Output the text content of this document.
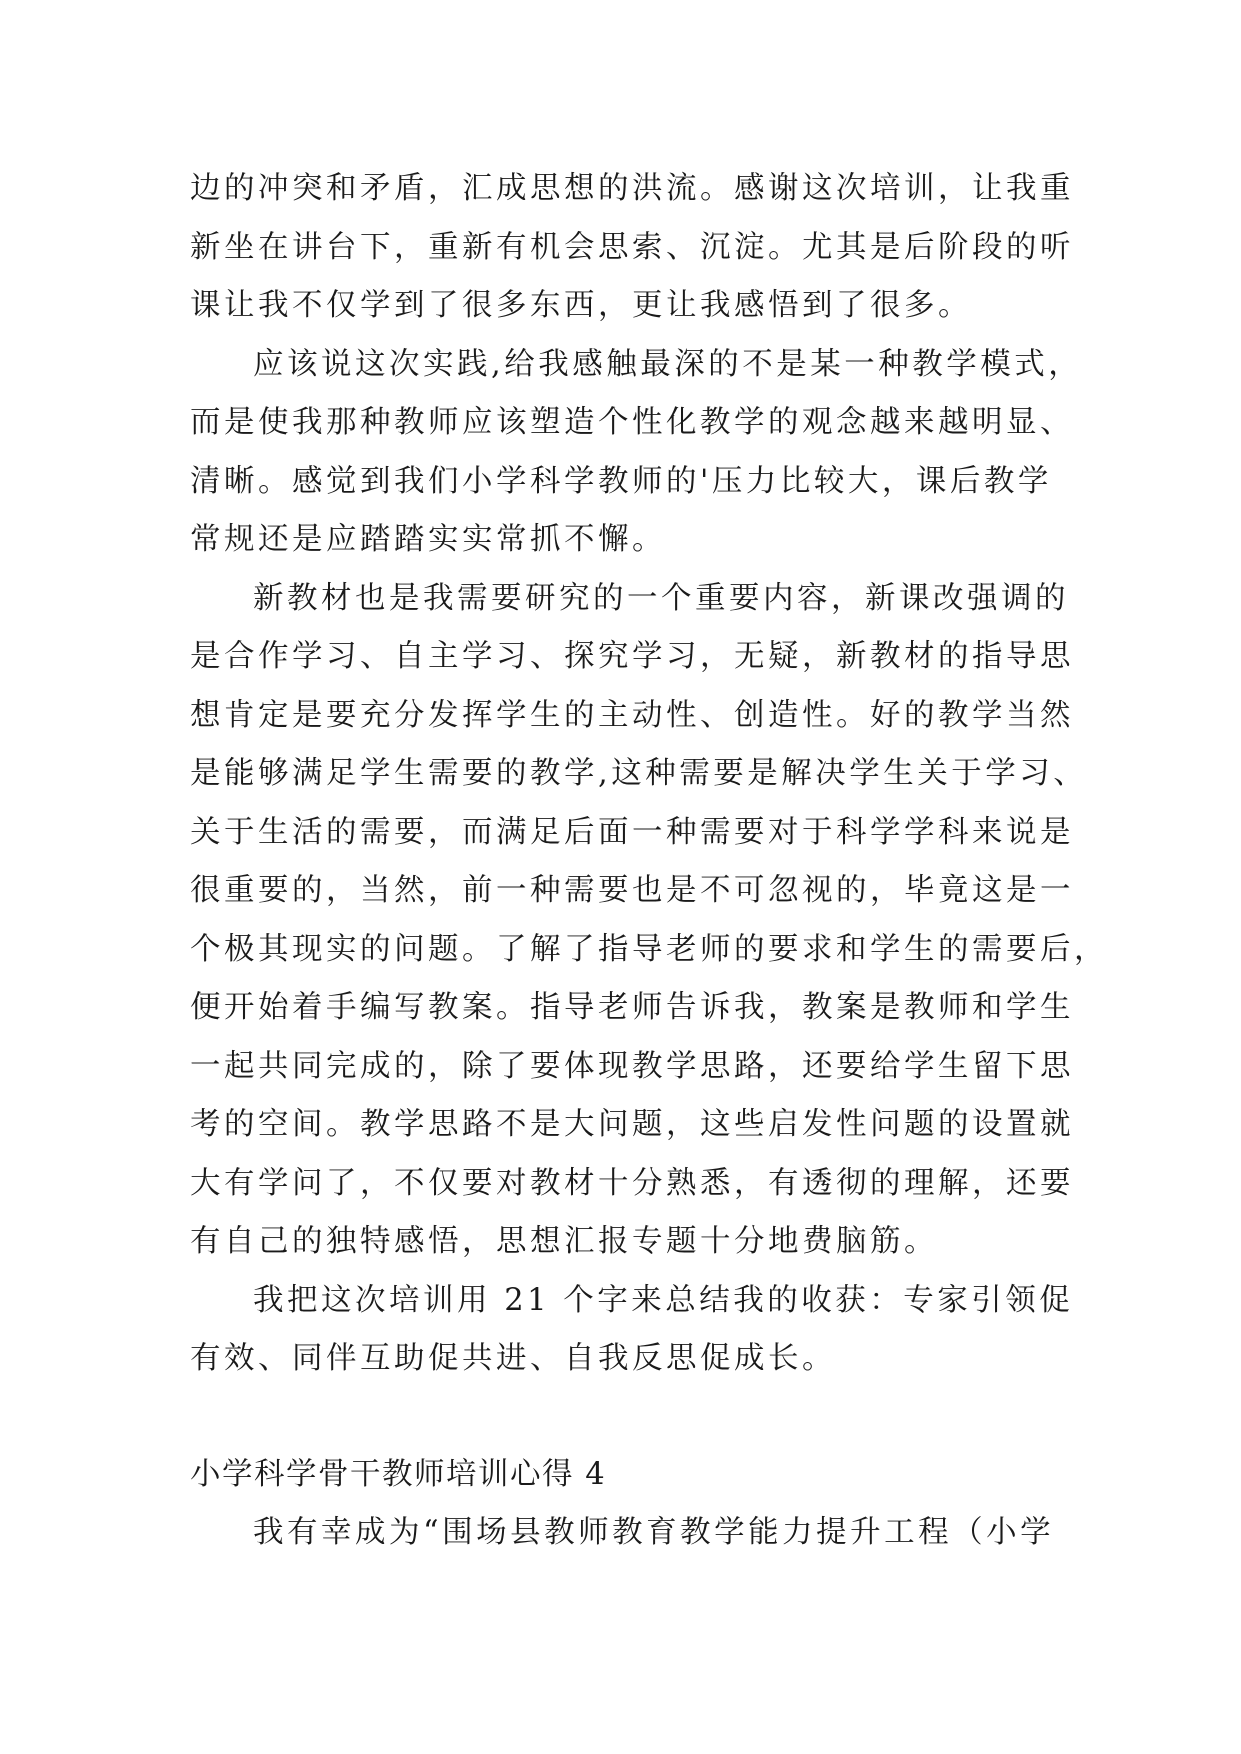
边的冲突和矛盾，汇成思想的洪流。感谢这次培训，让我重
新坐在讲台下，重新有机会思索、沉淀。尤其是后阶段的听
课让我不仅学到了很多东西，更让我感悟到了很多。

应该说这次实践,给我感触最深的不是某一种教学模式，
而是使我那种教师应该塑造个性化教学的观念越来越明显、
清晰。感觉到我们小学科学教师的'压力比较大，课后教学
常规还是应踏踏实实常抓不懈。

新教材也是我需要研究的一个重要内容，新课改强调的
是合作学习、自主学习、探究学习，无疑，新教材的指导思
想肯定是要充分发挥学生的主动性、创造性。好的教学当然
是能够满足学生需要的教学,这种需要是解决学生关于学习、
关于生活的需要，而满足后面一种需要对于科学学科来说是
很重要的，当然，前一种需要也是不可忽视的，毕竟这是一
个极其现实的问题。了解了指导老师的要求和学生的需要后，
便开始着手编写教案。指导老师告诉我，教案是教师和学生
一起共同完成的，除了要体现教学思路，还要给学生留下思
考的空间。教学思路不是大问题，这些启发性问题的设置就
大有学问了，不仅要对教材十分熟悉，有透彻的理解，还要
有自己的独特感悟，思想汇报专题十分地费脑筋。

我把这次培训用 21 个字来总结我的收获：专家引领促
有效、同伴互助促共进、自我反思促成长。

小学科学骨干教师培训心得 4

我有幸成为“围场县教师教育教学能力提升工程（小学
